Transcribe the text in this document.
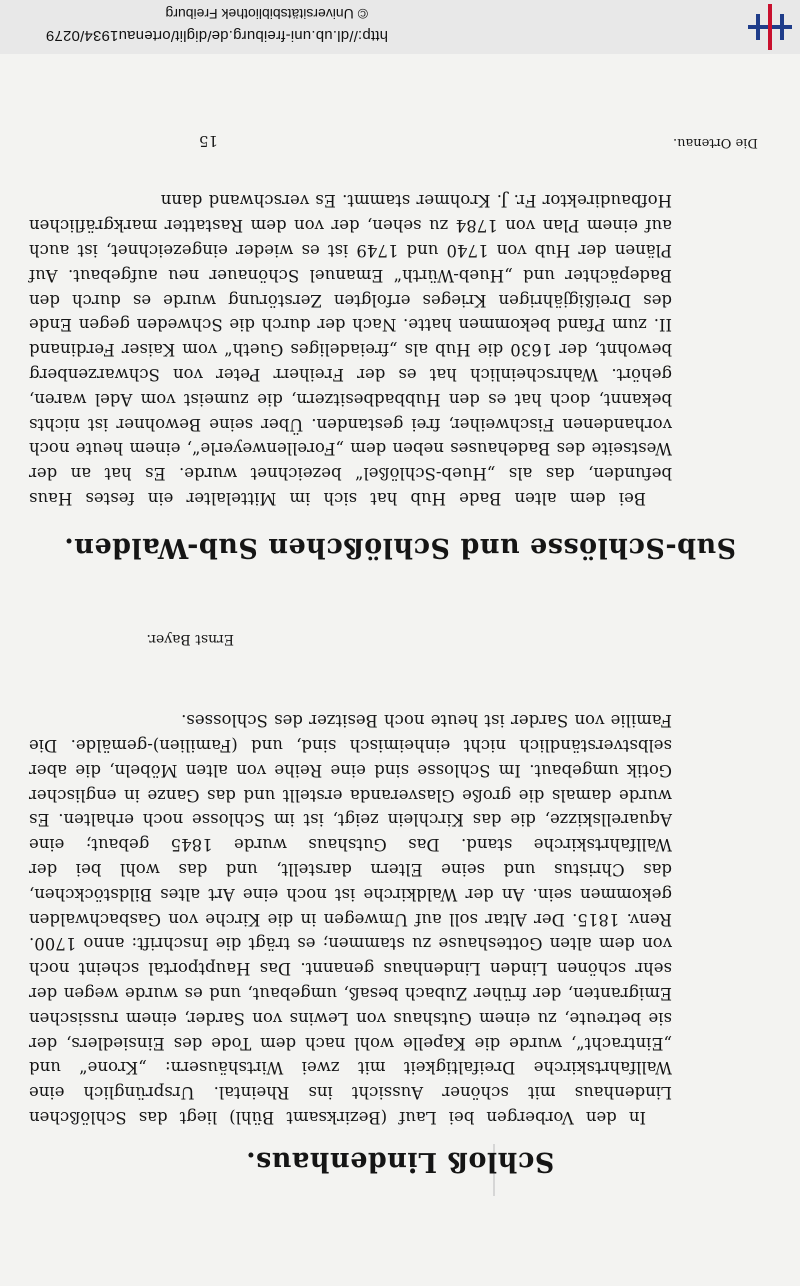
Schloß Lindenhaus.

In den Vorbergen bei Lauf (Bezirksamt Bühl) liegt das Schlößchen Lindenhaus mit schöner Aussicht ins Rheintal. Ursprünglich eine Wallfahrtskirche Dreifaltigkeit mit zwei Wirtshäusern: „Krone“ und „Eintracht“, wurde die Kapelle wohl nach dem Tode des Einsiedlers, der sie betreute, zu einem Gutshaus von Lewins von Sarder, einem russischen Emigranten, der früher Zubach besaß, umgebaut, und es wurde wegen der sehr schönen Linden Lindenhaus genannt. Das Hauptportal scheint noch von dem alten Gotteshause zu stammen; es trägt die Inschrift: anno 1700. Renv. 1815. Der Altar soll auf Umwegen in die Kirche von Gasbachwalden gekommen sein. An der Waldkirche ist noch eine Art altes Bildstöckchen, das Christus und seine Eltern darstellt, und das wohl bei der Wallfahrtskirche stand. Das Gutshaus wurde 1845 gebaut; eine Aquarellskizze, die das Kirchlein zeigt, ist im Schlosse noch erhalten. Es wurde damals die große Glasveranda erstellt und das Ganze in englischer Gotik umgebaut. Im Schlosse sind eine Reihe von alten Möbeln, die aber selbstverständlich nicht einheimisch sind, und (Familien)-gemälde. Die Familie von Sarder ist heute noch Besitzer des Schlosses.

Ernst Bayer.
Sub-Schlösse und Schlößchen Sub-Walden.

Bei dem alten Bade Hub hat sich im Mittelalter ein festes Haus befunden, das als „Hueb-Schlößel“ bezeichnet wurde. Es hat an der Westseite des Badehauses neben dem „Forellenweyerle“, einem heute noch vorhandenen Fischweiher, frei gestanden. Über seine Bewohner ist nichts bekannt, doch hat es den Hubbadbesitzern, die zumeist vom Adel waren, gehört. Wahrscheinlich hat es der Freiherr Peter von Schwarzenberg bewohnt, der 1630 die Hub als „freiadeliges Gueth“ vom Kaiser Ferdinand II. zum Pfand bekommen hatte. Nach der durch die Schweden gegen Ende des Dreißigjährigen Krieges erfolgten Zerstörung wurde es durch den Badepächter und „Hueb-Würth“ Emanuel Schönauer neu aufgebaut. Auf Plänen der Hub von 1740 und 1749 ist es wieder eingezeichnet, ist auch auf einem Plan von 1784 zu sehen, der von dem Rastatter markgräflichen Hofbaudirektor Fr. J. Krohmer stammt. Es verschwand dann

15	Die Ortenau.
http://dl.ub.uni-freiburg.de/diglit/ortenau1934/0279
© Universitätsbibliothek Freiburg
